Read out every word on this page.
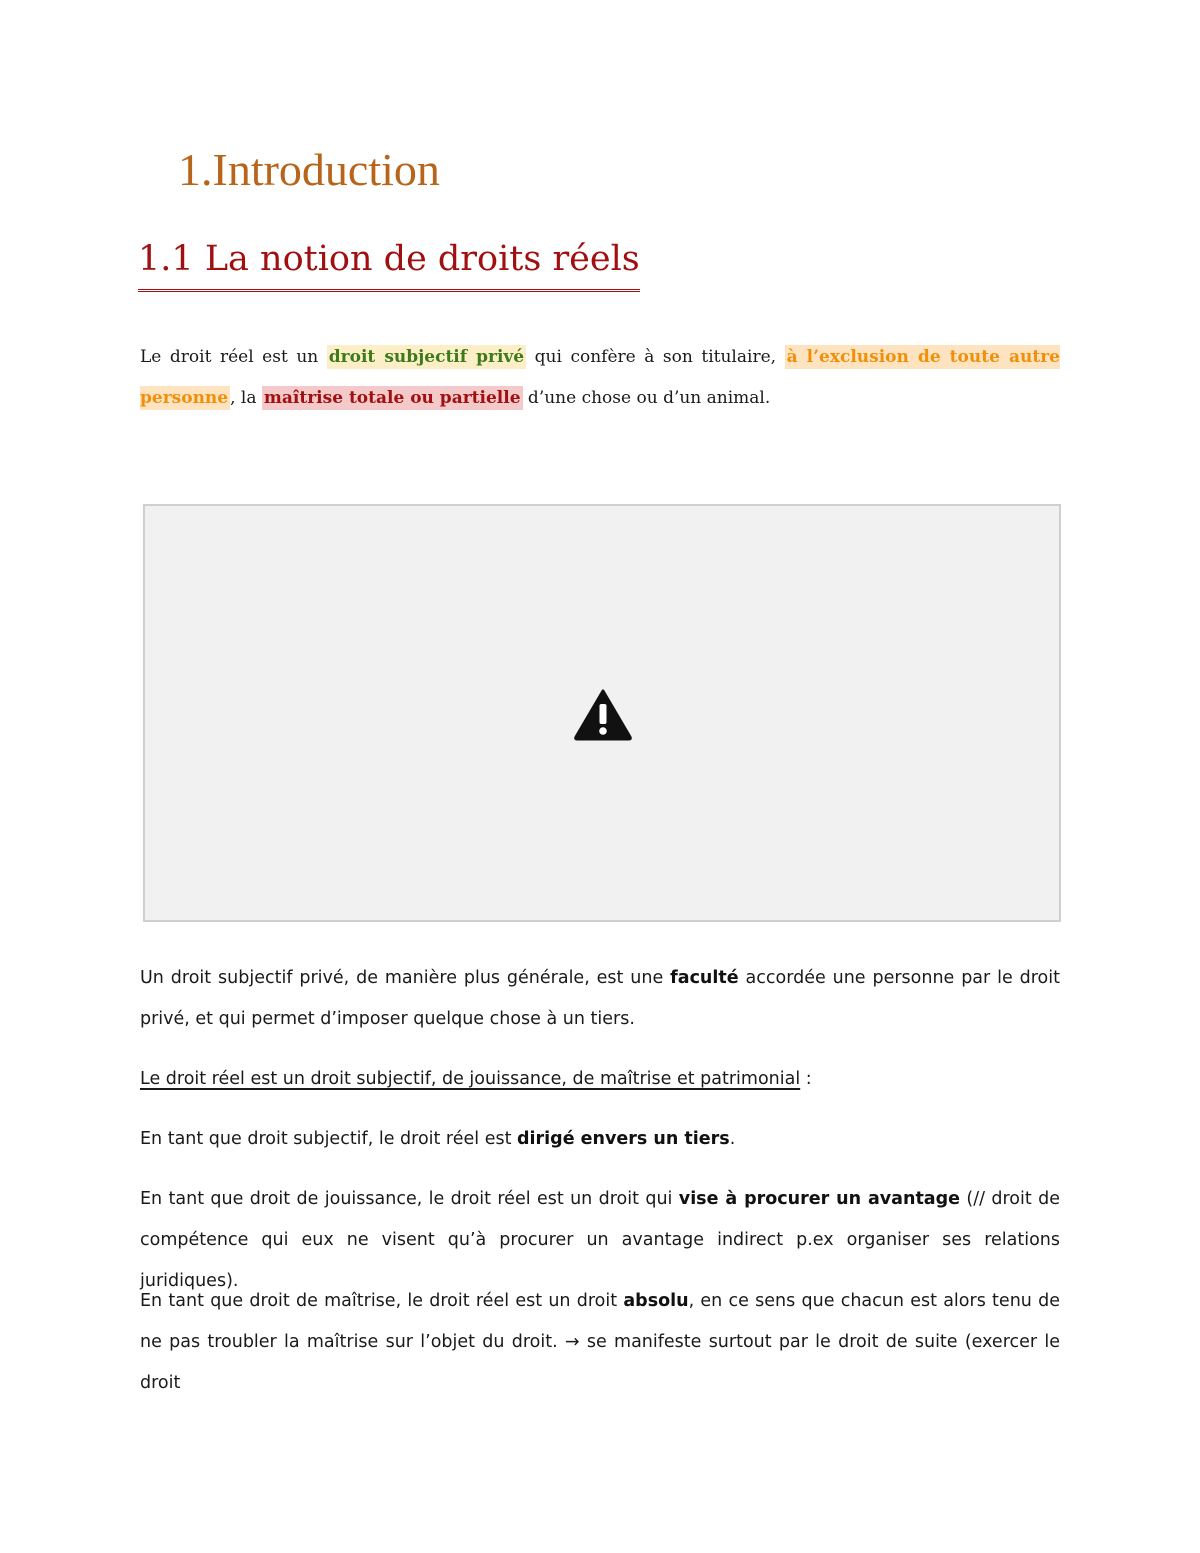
1.Introduction
1.1 La notion de droits réels
Le droit réel est un droit subjectif privé qui confère à son titulaire, à l’exclusion de toute autre personne , la maîtrise totale ou partielle d’une chose ou d’un animal.
Un droit subjectif privé, de manière plus générale, est une faculté accordée une personne par le droit privé, et qui permet d’imposer quelque chose à un tiers.
Le droit réel est un droit subjectif, de jouissance, de maîtrise et patrimonial :
En tant que droit subjectif, le droit réel est dirigé envers un tiers.
En tant que droit de jouissance, le droit réel est un droit qui vise à procurer un avantage (// droit de compétence qui eux ne visent qu’à procurer un avantage indirect p.ex organiser ses relations juridiques).
En tant que droit de maîtrise, le droit réel est un droit absolu, en ce sens que chacun est alors tenu de ne pas troubler la maîtrise sur l’objet du droit. → se manifeste surtout par le droit de suite (exercer le droit
